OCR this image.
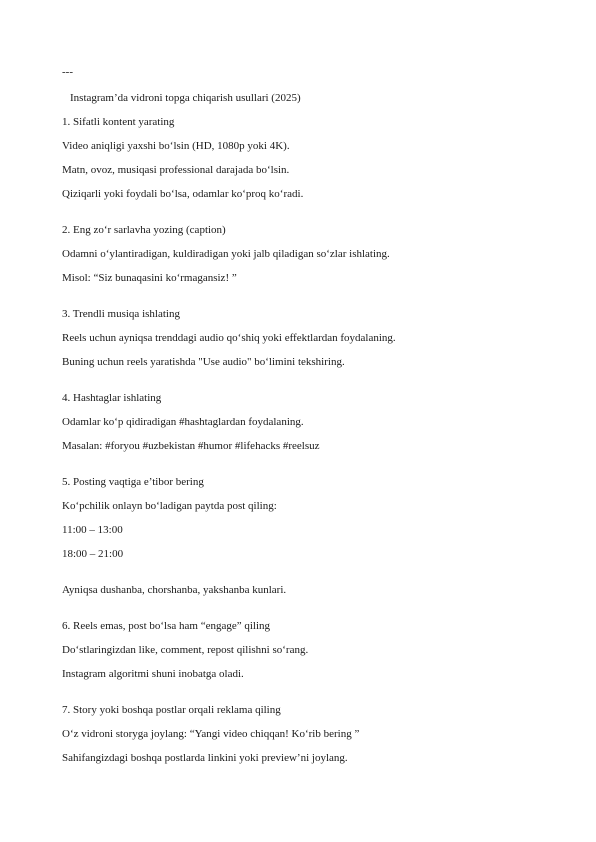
---
Instagram’da vidroni topga chiqarish usullari (2025)
1. Sifatli kontent yarating
Video aniqligi yaxshi bo‘lsin (HD, 1080p yoki 4K).
Matn, ovoz, musiqasi professional darajada bo‘lsin.
Qiziqarli yoki foydali bo‘lsa, odamlar ko‘proq ko‘radi.
2. Eng zo‘r sarlavha yozing (caption)
Odamni o‘ylantiradigan, kuldiradigan yoki jalb qiladigan so‘zlar ishlating.
Misol: “Siz bunaqasini ko‘rmagansiz! ”
3. Trendli musiqa ishlating
Reels uchun ayniqsa trenddagi audio qo‘shiq yoki effektlardan foydalaning.
Buning uchun reels yaratishda "Use audio" bo‘limini tekshiring.
4. Hashtaglar ishlating
Odamlar ko‘p qidiradigan #hashtaglardan foydalaning.
Masalan: #foryou #uzbekistan #humor #lifehacks #reelsuz
5. Posting vaqtiga e’tibor bering
Ko‘pchilik onlayn bo‘ladigan paytda post qiling:
11:00 – 13:00
18:00 – 21:00
Ayniqsa dushanba, chorshanba, yakshanba kunlari.
6. Reels emas, post bo‘lsa ham “engage” qiling
Do‘stlaringizdan like, comment, repost qilishni so‘rang.
Instagram algoritmi shuni inobatga oladi.
7. Story yoki boshqa postlar orqali reklama qiling
O‘z vidroni storyga joylang: “Yangi video chiqqan! Ko‘rib bering ”
Sahifangizdagi boshqa postlarda linkini yoki preview’ni joylang.
